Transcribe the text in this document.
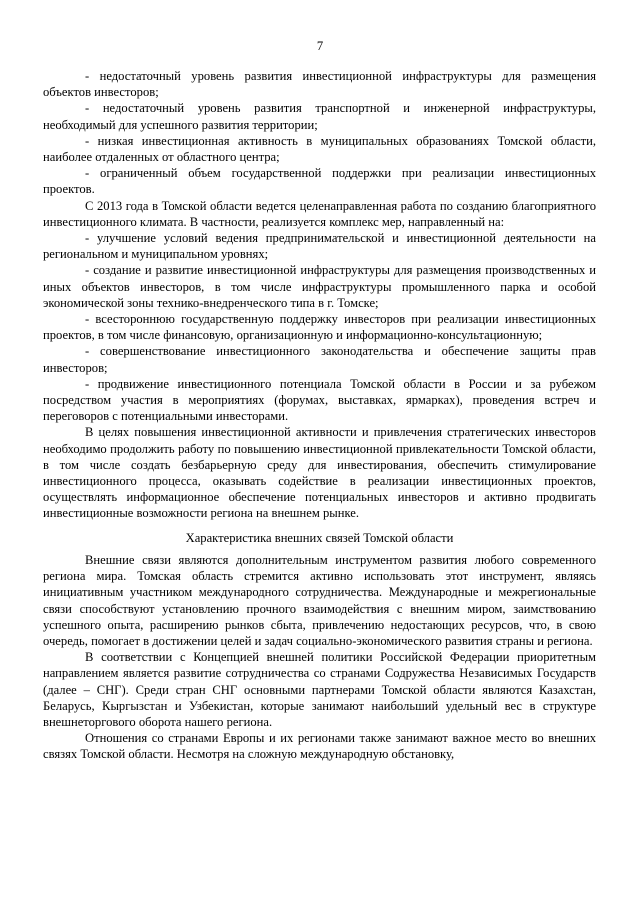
7

- недостаточный уровень развития инвестиционной инфраструктуры для размещения объектов инвесторов;

- недостаточный уровень развития транспортной и инженерной инфраструктуры, необходимый для успешного развития территории;

- низкая инвестиционная активность в муниципальных образованиях Томской области, наиболее отдаленных от областного центра;

- ограниченный объем государственной поддержки при реализации инвестиционных проектов.

С 2013 года в Томской области ведется целенаправленная работа по созданию благоприятного инвестиционного климата. В частности, реализуется комплекс мер, направленный на:

- улучшение условий ведения предпринимательской и инвестиционной деятельности на региональном и муниципальном уровнях;

- создание и развитие инвестиционной инфраструктуры для размещения производственных и иных объектов инвесторов, в том числе инфраструктуры промышленного парка и особой экономической зоны технико-внедренческого типа в г. Томске;

- всестороннюю государственную поддержку инвесторов при реализации инвестиционных проектов, в том числе финансовую, организационную и информационно-консультационную;

- совершенствование инвестиционного законодательства и обеспечение защиты прав инвесторов;

- продвижение инвестиционного потенциала Томской области в России и за рубежом посредством участия в мероприятиях (форумах, выставках, ярмарках), проведения встреч и переговоров с потенциальными инвесторами.

В целях повышения инвестиционной активности и привлечения стратегических инвесторов необходимо продолжить работу по повышению инвестиционной привлекательности Томской области, в том числе создать безбарьерную среду для инвестирования, обеспечить стимулирование инвестиционного процесса, оказывать содействие в реализации инвестиционных проектов, осуществлять информационное обеспечение потенциальных инвесторов и активно продвигать инвестиционные возможности региона на внешнем рынке.

Характеристика внешних связей Томской области

Внешние связи являются дополнительным инструментом развития любого современного региона мира. Томская область стремится активно использовать этот инструмент, являясь инициативным участником международного сотрудничества. Международные и межрегиональные связи способствуют установлению прочного взаимодействия с внешним миром, заимствованию успешного опыта, расширению рынков сбыта, привлечению недостающих ресурсов, что, в свою очередь, помогает в достижении целей и задач социально-экономического развития страны и региона.

В соответствии с Концепцией внешней политики Российской Федерации приоритетным направлением является развитие сотрудничества со странами Содружества Независимых Государств (далее – СНГ). Среди стран СНГ основными партнерами Томской области являются Казахстан, Беларусь, Кыргызстан и Узбекистан, которые занимают наибольший удельный вес в структуре внешнеторгового оборота нашего региона.

Отношения со странами Европы и их регионами также занимают важное место во внешних связях Томской области. Несмотря на сложную международную обстановку,
